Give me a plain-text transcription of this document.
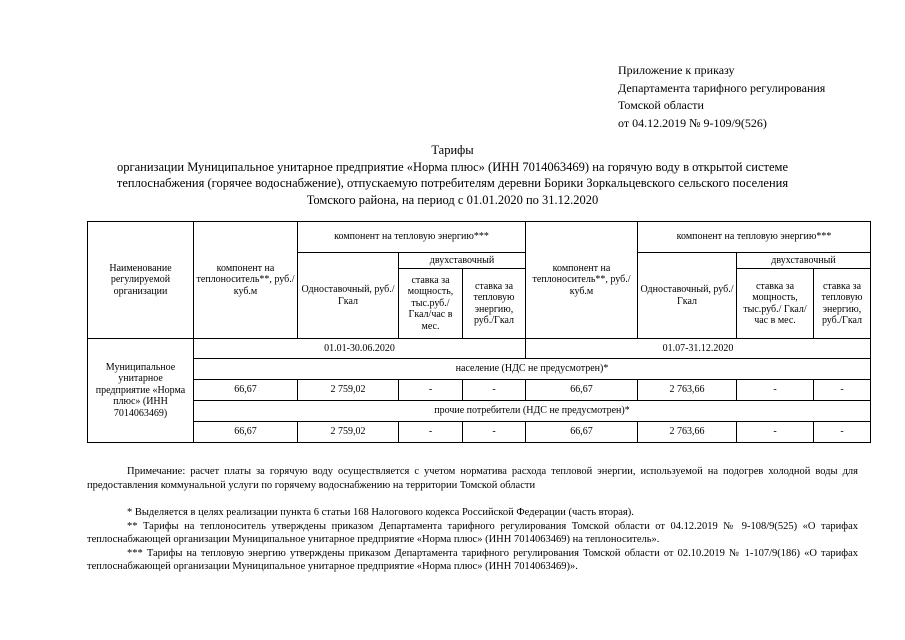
Приложение к приказу
Департамента тарифного регулирования
Томской области
от 04.12.2019 № 9-109/9(526)
Тарифы
организации Муниципальное унитарное предприятие «Норма плюс» (ИНН 7014063469) на горячую воду в открытой системе
теплоснабжения (горячее водоснабжение), отпускаемую потребителям деревни Борики Зоркальцевского сельского поселения
Томского района, на период с 01.01.2020 по 31.12.2020
Наименование регулируемой организации	компонент на теплоноситель**, руб./куб.м	компонент на тепловую энергию***			компонент на теплоноситель**, руб./куб.м	компонент на тепловую энергию***		
		Одноставочный, руб./Гкал	двухставочный			Одноставочный, руб./Гкал	двухставочный	
			ставка за мощность, тыс.руб./ Гкал/час в мес.	ставка за тепловую энергию, руб./Гкал			ставка за мощность, тыс.руб./ Гкал/час в мес.	ставка за тепловую энергию, руб./Гкал
Муниципальное унитарное предприятие «Норма плюс» (ИНН 7014063469)	01.01-30.06.2020				01.07-31.12.2020			
	население (НДС не предусмотрен)*							
	66,67	2 759,02	-	-	66,67	2 763,66	-	-
	прочие потребители (НДС не предусмотрен)*							
	66,67	2 759,02	-	-	66,67	2 763,66	-	-

Примечание: расчет платы за горячую воду осуществляется с учетом норматива расхода тепловой энергии, используемой на подогрев холодной воды для предоставления коммунальной услуги по горячему водоснабжению на территории Томской области

* Выделяется в целях реализации пункта 6 статьи 168 Налогового кодекса Российской Федерации (часть вторая).

** Тарифы на теплоноситель утверждены приказом Департамента тарифного регулирования Томской области от 04.12.2019 № 9-108/9(525) «О тарифах теплоснабжающей организации Муниципальное унитарное предприятие «Норма плюс» (ИНН 7014063469) на теплоноситель».

*** Тарифы на тепловую энергию утверждены приказом Департамента тарифного регулирования Томской области от 02.10.2019 № 1-107/9(186) «О тарифах теплоснабжающей организации Муниципальное унитарное предприятие «Норма плюс» (ИНН 7014063469)».
